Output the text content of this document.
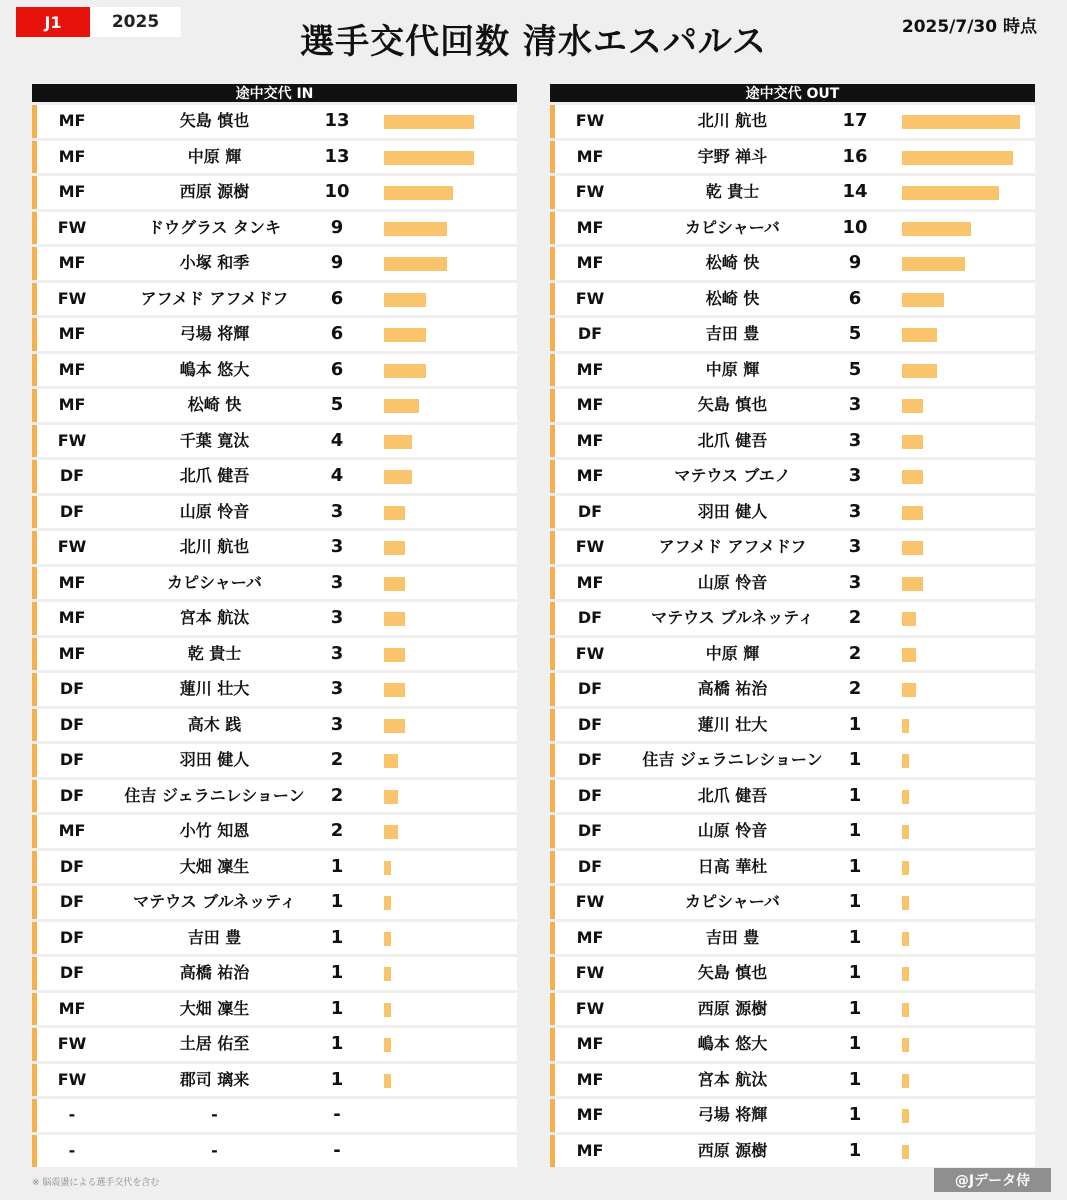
J1	2025	選手交代回数 清水エスパルス	2025/7/30 時点
途中交代 IN
MF	矢島 慎也	13
MF	中原 輝	13
MF	西原 源樹	10
FW	ドウグラス タンキ	9
MF	小塚 和季	9
FW	アフメド アフメドフ	6
MF	弓場 将輝	6
MF	嶋本 悠大	6
MF	松崎 快	5
FW	千葉 寛汰	4
DF	北爪 健吾	4
DF	山原 怜音	3
FW	北川 航也	3
MF	カピシャーバ	3
MF	宮本 航汰	3
MF	乾 貴士	3
DF	蓮川 壮大	3
DF	高木 践	3
DF	羽田 健人	2
DF	住吉 ジェラニレショーン	2
MF	小竹 知恩	2
DF	大畑 凜生	1
DF	マテウス ブルネッティ	1
DF	吉田 豊	1
DF	高橋 祐治	1
MF	大畑 凜生	1
FW	土居 佑至	1
FW	郡司 璃来	1
-	-	-
-	-	-
途中交代 OUT
FW	北川 航也	17
MF	宇野 禅斗	16
FW	乾 貴士	14
MF	カピシャーバ	10
MF	松崎 快	9
FW	松崎 快	6
DF	吉田 豊	5
MF	中原 輝	5
MF	矢島 慎也	3
MF	北爪 健吾	3
MF	マテウス ブエノ	3
DF	羽田 健人	3
FW	アフメド アフメドフ	3
MF	山原 怜音	3
DF	マテウス ブルネッティ	2
FW	中原 輝	2
DF	高橋 祐治	2
DF	蓮川 壮大	1
DF	住吉 ジェラニレショーン	1
DF	北爪 健吾	1
DF	山原 怜音	1
DF	日高 華杜	1
FW	カピシャーバ	1
MF	吉田 豊	1
FW	矢島 慎也	1
FW	西原 源樹	1
MF	嶋本 悠大	1
MF	宮本 航汰	1
MF	弓場 将輝	1
MF	西原 源樹	1
※ 脳震盪による選手交代を含む	@Jデータ侍
